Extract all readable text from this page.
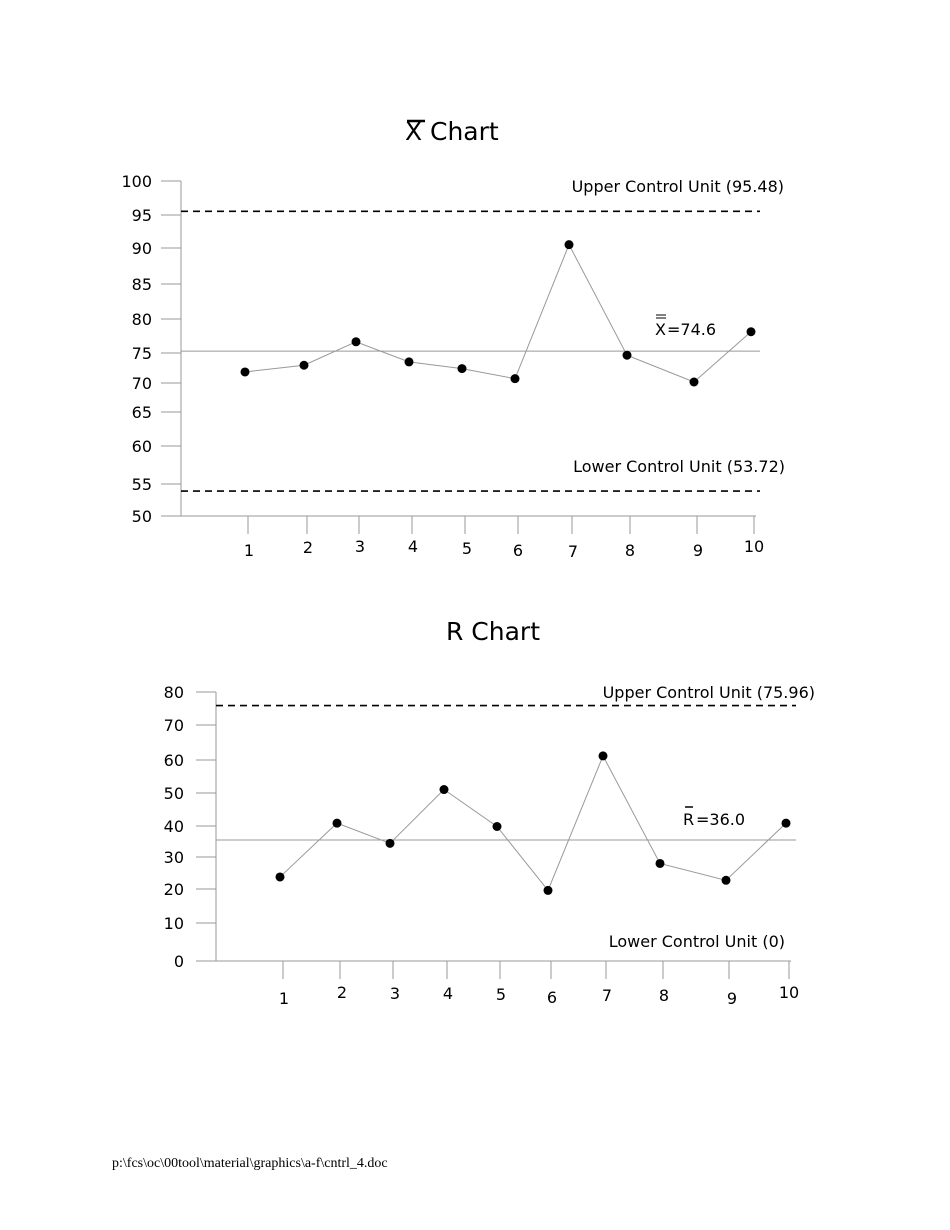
X Chart
100
95
90
85
80
75
70
65
60
55
50
1	2	3	4	5	6	7	8	9	10
Upper Control Unit (95.48)
Lower Control Unit (53.72)
X =74.6
R Chart
80
70
60
50
40
30
20
10
0
1	2	3	4	5	6	7	8	9	10
Upper Control Unit (75.96)
Lower Control Unit (0)
R =36.0
p:\fcs\oc\00tool\material\graphics\a-f\cntrl_4.doc
